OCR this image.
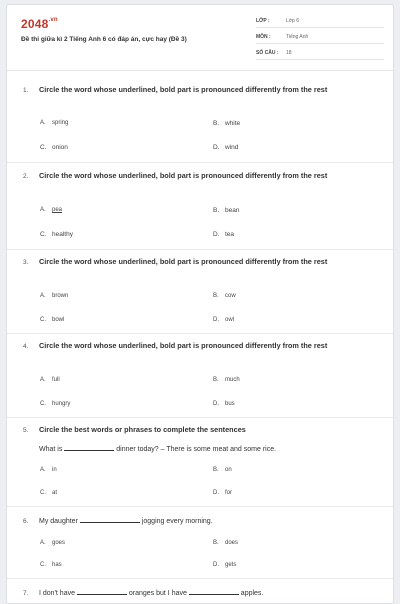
$2048^{.vn}$
Đề thi giữa kì 2 Tiếng Anh 6 có đáp án, cực hay (Đề 3)
LỚP :	Lớp 6
MÔN :	Tiếng Anh
SỐ CÂU : 18
1. Circle the word whose underlined, bold part is pronounced differently from the rest
A. spring	B. white
C. onion	D. wind
2. Circle the word whose underlined, bold part is pronounced differently from the rest
A. pea	B. bean
C. healthy	D. tea
3. Circle the word whose underlined, bold part is pronounced differently from the rest
A. brown	B. cow
C. bowl	D. owl
4. Circle the word whose underlined, bold part is pronounced differently from the rest
A. full	B. much
C. hungry	D. bus
5. Circle the best words or phrases to complete the sentences
What is	dinner today? – There is some meat and some rice.
A. in	B. on
C. at	D. for
6. My daughter	jogging every morning.
A. goes	B. does
C. has	D. gets
7. I don't have	oranges but I have	apples.
